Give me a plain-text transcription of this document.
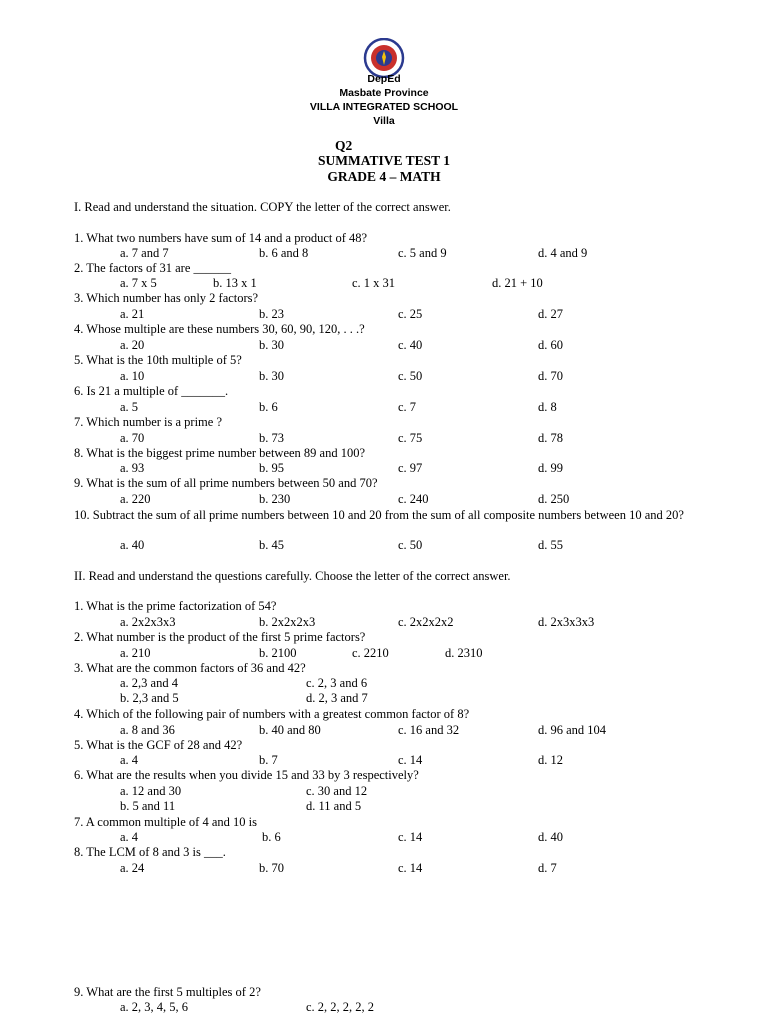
DepEd
Masbate Province
VILLA INTEGRATED SCHOOL
Villa
Q2
SUMMATIVE TEST 1
GRADE 4 – MATH
I. Read and understand the situation. COPY the letter of the correct answer.
1. What two numbers have sum of 14 and a product of 48?
a. 7 and 7	b. 6 and 8	c. 5 and 9	d. 4 and 9
2. The factors of 31 are ______
a. 7 x 5	b. 13 x 1	c. 1 x 31	d. 21 + 10
3. Which number has only 2 factors?
a. 21	b. 23	c. 25	d. 27
4. Whose multiple are these numbers 30, 60, 90, 120, . . .?
a. 20	b. 30	c. 40	d. 60
5. What is the 10th multiple of 5?
a. 10	b. 30	c. 50	d. 70
6. Is 21 a multiple of _______.
a. 5	b. 6	c. 7	d. 8
7. Which number is a prime ?
a. 70	b. 73	c. 75	d. 78
8. What is the biggest prime number between 89 and 100?
a. 93	b. 95	c. 97	d. 99
9. What is the sum of all prime numbers between 50 and 70?
a. 220	b. 230	c. 240	d. 250
10. Subtract the sum of all prime numbers between 10 and 20 from the sum of all composite numbers between 10 and 20?
a. 40	b. 45	c. 50	d. 55
II. Read and understand the questions carefully. Choose the letter of the correct answer.
1. What is the prime factorization of 54?
a. 2x2x3x3	b. 2x2x2x3	c. 2x2x2x2	d. 2x3x3x3
2. What number is the product of the first 5 prime factors?
a. 210	b. 2100	c. 2210	d. 2310
3. What are the common factors of 36 and 42?
a. 2,3 and 4	c. 2, 3 and 6
b. 2,3 and 5	d. 2, 3 and 7
4. Which of the following pair of numbers with a greatest common factor of 8?
a. 8 and 36	b. 40 and 80	c. 16 and 32	d. 96 and 104
5. What is the GCF of 28 and 42?
a. 4	b. 7	c. 14	d. 12
6. What are the results when you divide 15 and 33 by 3 respectively?
a. 12 and 30	c. 30 and 12
b. 5 and 11	d. 11 and 5
7. A common multiple of 4 and 10 is
a. 4	b. 6	c. 14	d. 40
8. The LCM of 8 and 3 is ___.
a. 24	b. 70	c. 14	d. 7
9. What are the first 5 multiples of 2?
a. 2, 3, 4, 5, 6	c. 2, 2, 2, 2, 2
